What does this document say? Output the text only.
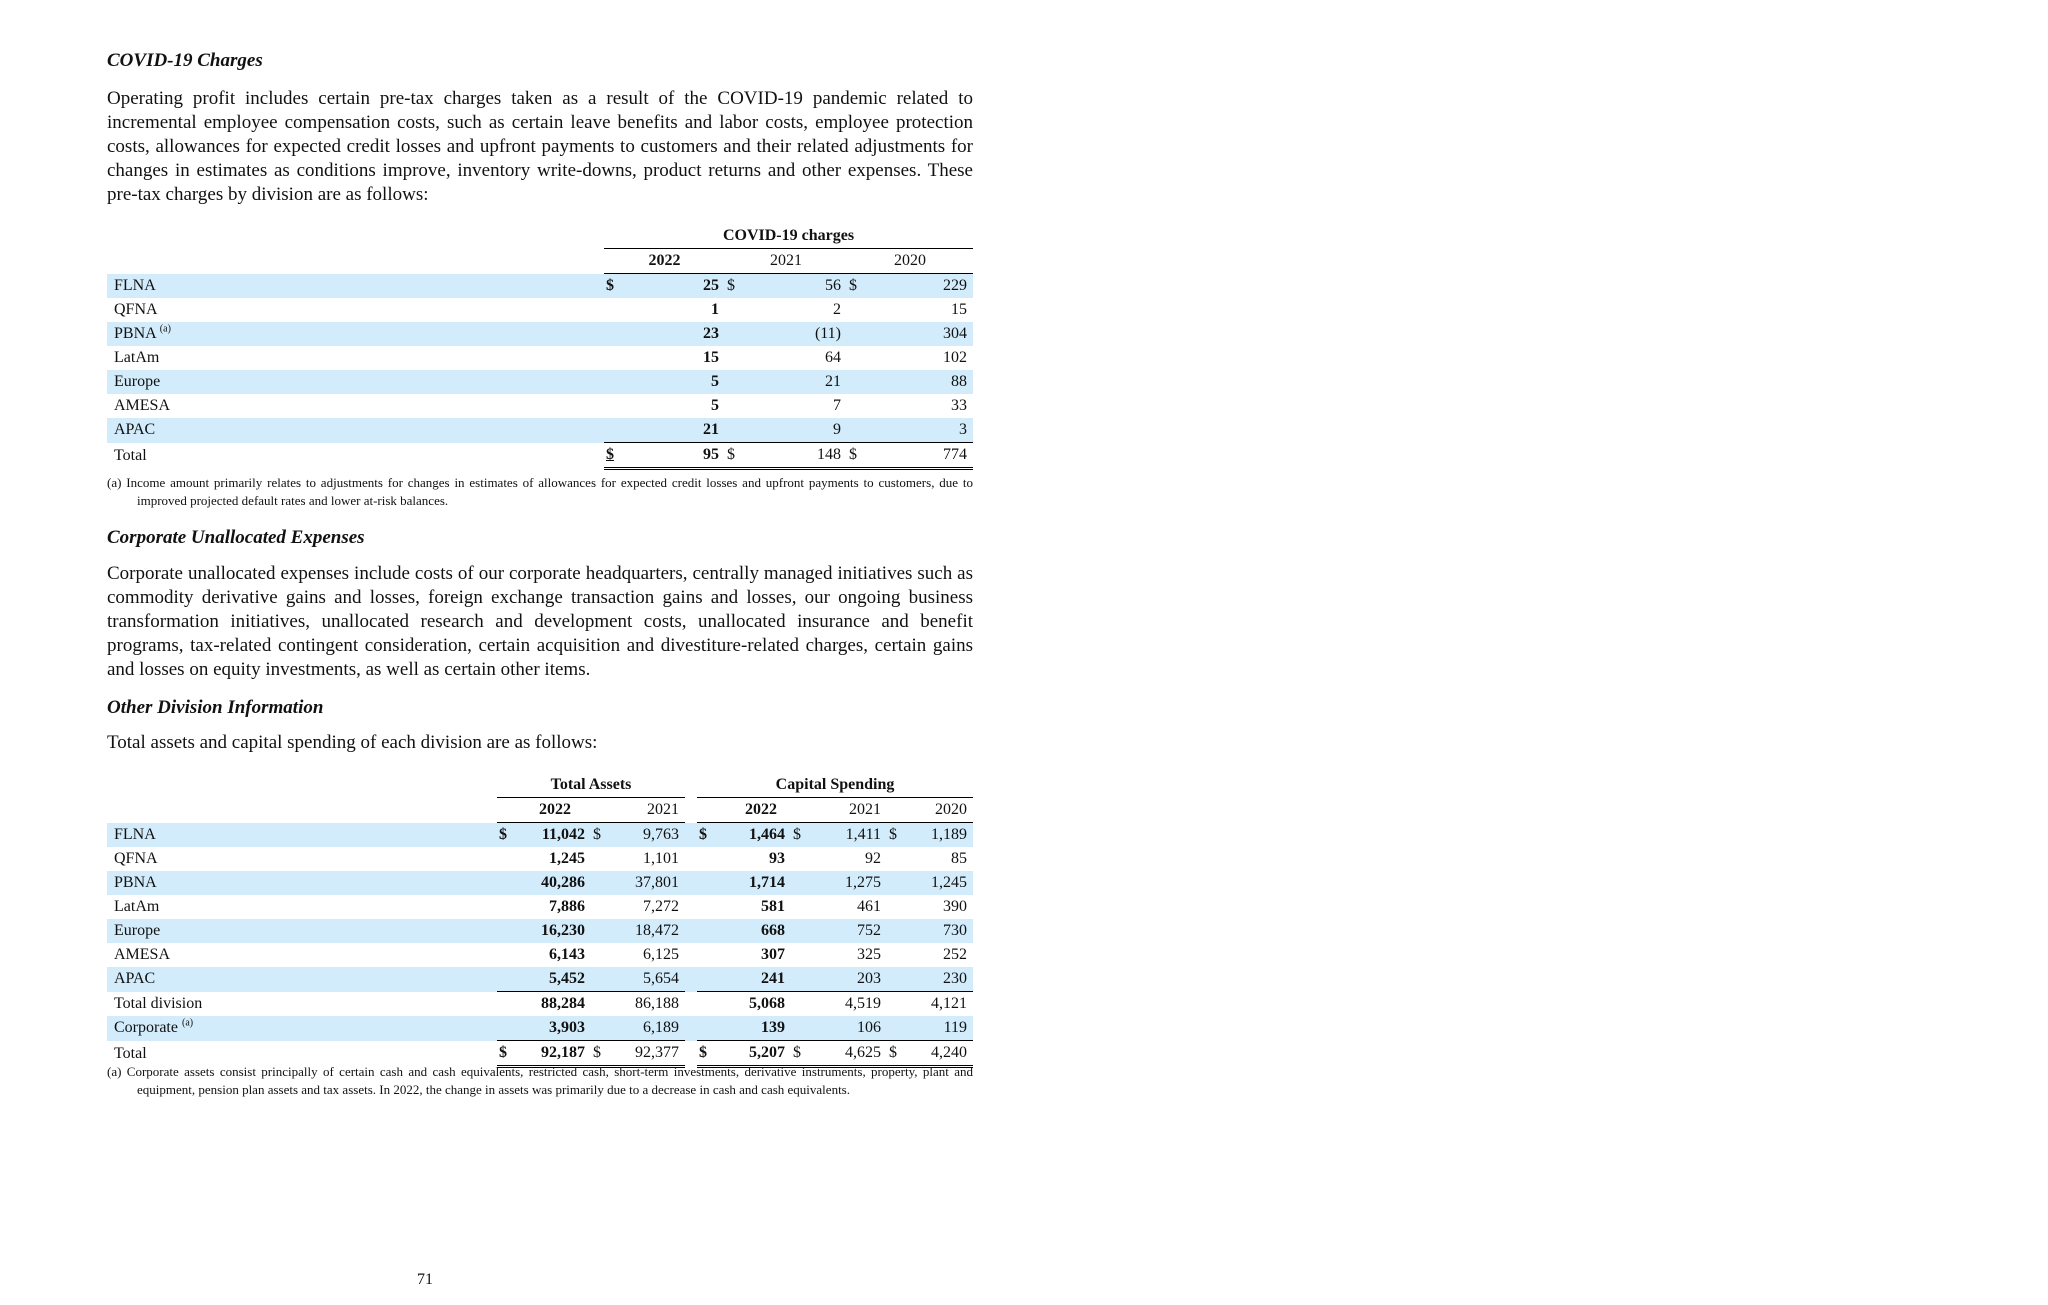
COVID-19 Charges

Operating profit includes certain pre-tax charges taken as a result of the COVID-19 pandemic related to incremental employee compensation costs, such as certain leave benefits and labor costs, employee protection costs, allowances for expected credit losses and upfront payments to customers and their related adjustments for changes in estimates as conditions improve, inventory write-downs, product returns and other expenses. These pre-tax charges by division are as follows:

	COVID-19 charges					
	2022		2021		2020	
FLNA	$	25	$	56	$	229
QFNA		1		2		15
PBNA $^{(a)}$		23		(11)		304
LatAm		15		64		102
Europe		5		21		88
AMESA		5		7		33
APAC		21		9		3
Total	$	95	$	148	$	774

(a) Income amount primarily relates to adjustments for changes in estimates of allowances for expected credit losses and upfront payments to customers, due to improved projected default rates and lower at-risk balances.

Corporate Unallocated Expenses

Corporate unallocated expenses include costs of our corporate headquarters, centrally managed initiatives such as commodity derivative gains and losses, foreign exchange transaction gains and losses, our ongoing business transformation initiatives, unallocated research and development costs, unallocated insurance and benefit programs, tax-related contingent consideration, certain acquisition and divestiture-related charges, certain gains and losses on equity investments, as well as certain other items.

Other Division Information

Total assets and capital spending of each division are as follows:

	Total Assets					Capital Spending					
	2022		2021			2022		2021		2020	
FLNA	$	11,042	$	9,763		$	1,464	$	1,411	$	1,189
QFNA		1,245		1,101			93		92		85
PBNA		40,286		37,801			1,714		1,275		1,245
LatAm		7,886		7,272			581		461		390
Europe		16,230		18,472			668		752		730
AMESA		6,143		6,125			307		325		252
APAC		5,452		5,654			241		203		230
Total division		88,284		86,188			5,068		4,519		4,121
Corporate $^{(a)}$		3,903		6,189			139		106		119
Total	$	92,187	$	92,377		$	5,207	$	4,625	$	4,240

(a) Corporate assets consist principally of certain cash and cash equivalents, restricted cash, short-term investments, derivative instruments, property, plant and equipment, pension plan assets and tax assets. In 2022, the change in assets was primarily due to a decrease in cash and cash equivalents.

71
